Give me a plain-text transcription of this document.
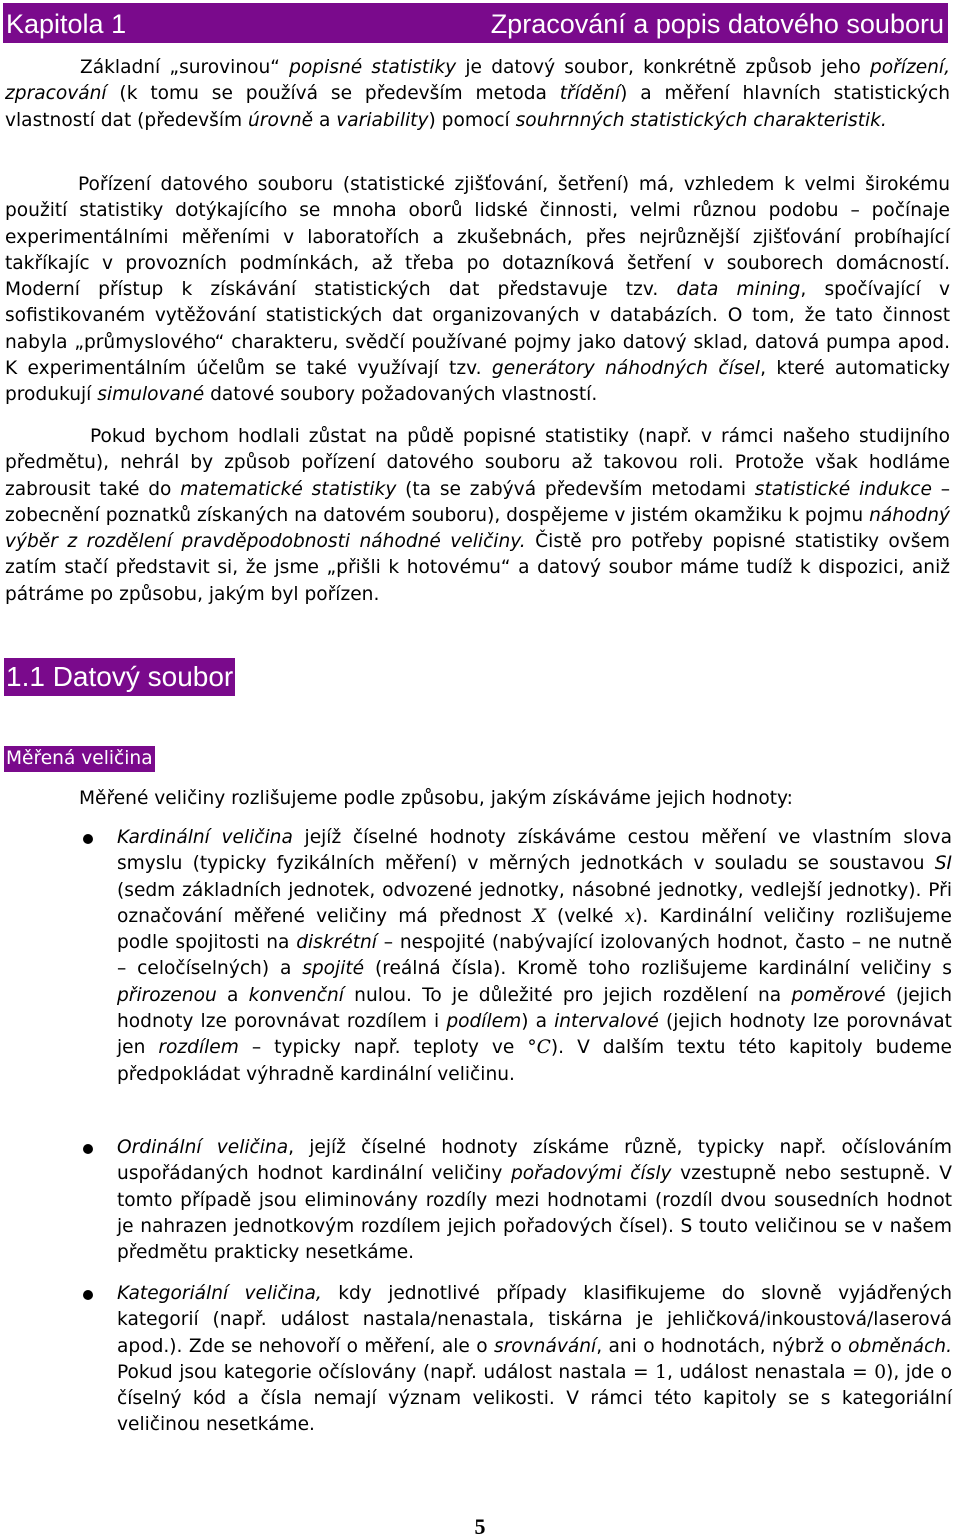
Kapitola 1	Zpracování a popis datového souboru

Základní „surovinou“ popisné statistiky je datový soubor, konkrétně způsob jeho pořízení, zpracování (k tomu se používá se především metoda třídění) a měření hlavních statistických vlastností dat (především úrovně a variability) pomocí souhrnných statistických charakteristik.

Pořízení datového souboru (statistické zjišťování, šetření) má, vzhledem k velmi širokému použití statistiky dotýkajícího se mnoha oborů lidské činnosti, velmi různou podobu – počínaje experimentálními měřeními v laboratořích a zkušebnách, přes nejrůznější zjišťování probíhající takříkajíc v provozních podmínkách, až třeba po dotazníková šetření v souborech domácností. Moderní přístup k získávání statistických dat představuje tzv. data mining, spočívající v sofistikovaném vytěžování statistických dat organizovaných v databázích. O tom, že tato činnost nabyla „průmyslového“ charakteru, svědčí používané pojmy jako datový sklad, datová pumpa apod. K experimentálním účelům se také využívají tzv. generátory náhodných čísel, které automaticky produkují simulované datové soubory požadovaných vlastností.

Pokud bychom hodlali zůstat na půdě popisné statistiky (např. v rámci našeho studijního předmětu), nehrál by způsob pořízení datového souboru až takovou roli. Protože však hodláme zabrousit také do matematické statistiky (ta se zabývá především metodami statistické indukce – zobecnění poznatků získaných na datovém souboru), dospějeme v jistém okamžiku k pojmu náhodný výběr z rozdělení pravděpodobnosti náhodné veličiny. Čistě pro potřeby popisné statistiky ovšem zatím stačí představit si, že jsme „přišli k hotovému“ a datový soubor máme tudíž k dispozici, aniž pátráme po způsobu, jakým byl pořízen.

1.1 Datový soubor
Měřená veličina
Měřené veličiny rozlišujeme podle způsobu, jakým získáváme jejich hodnoty:

Kardinální veličina jejíž číselné hodnoty získáváme cestou měření ve vlastním slova smyslu (typicky fyzikálních měření) v měrných jednotkách v souladu se soustavou SI (sedm základních jednotek, odvozené jednotky, násobné jednotky, vedlejší jednotky). Při označování měřené veličiny má přednost X (velké x). Kardinální veličiny rozlišujeme podle spojitosti na diskrétní – nespojité (nabývající izolovaných hodnot, často – ne nutně – celočíselných) a spojité (reálná čísla). Kromě toho rozlišujeme kardinální veličiny s přirozenou a konvenční nulou. To je důležité pro jejich rozdělení na poměrové (jejich hodnoty lze porovnávat rozdílem i podílem) a intervalové (jejich hodnoty lze porovnávat jen rozdílem – typicky např. teploty ve °C). V dalším textu této kapitoly budeme předpokládat výhradně kardinální veličinu.

Ordinální veličina, jejíž číselné hodnoty získáme různě, typicky např. očíslováním uspořádaných hodnot kardinální veličiny pořadovými čísly vzestupně nebo sestupně. V tomto případě jsou eliminovány rozdíly mezi hodnotami (rozdíl dvou sousedních hodnot je nahrazen jednotkovým rozdílem jejich pořadových čísel). S touto veličinou se v našem předmětu prakticky nesetkáme.

Kategoriální veličina, kdy jednotlivé případy klasifikujeme do slovně vyjádřených kategorií (např. událost nastala/nenastala, tiskárna je jehličková/inkoustová/laserová apod.). Zde se nehovoří o měření, ale o srovnávání, ani o hodnotách, nýbrž o obměnách. Pokud jsou kategorie očíslovány (např. událost nastala = 1, událost nenastala = 0), jde o číselný kód a čísla nemají význam velikosti. V rámci této kapitoly se s kategoriální veličinou nesetkáme.

5
